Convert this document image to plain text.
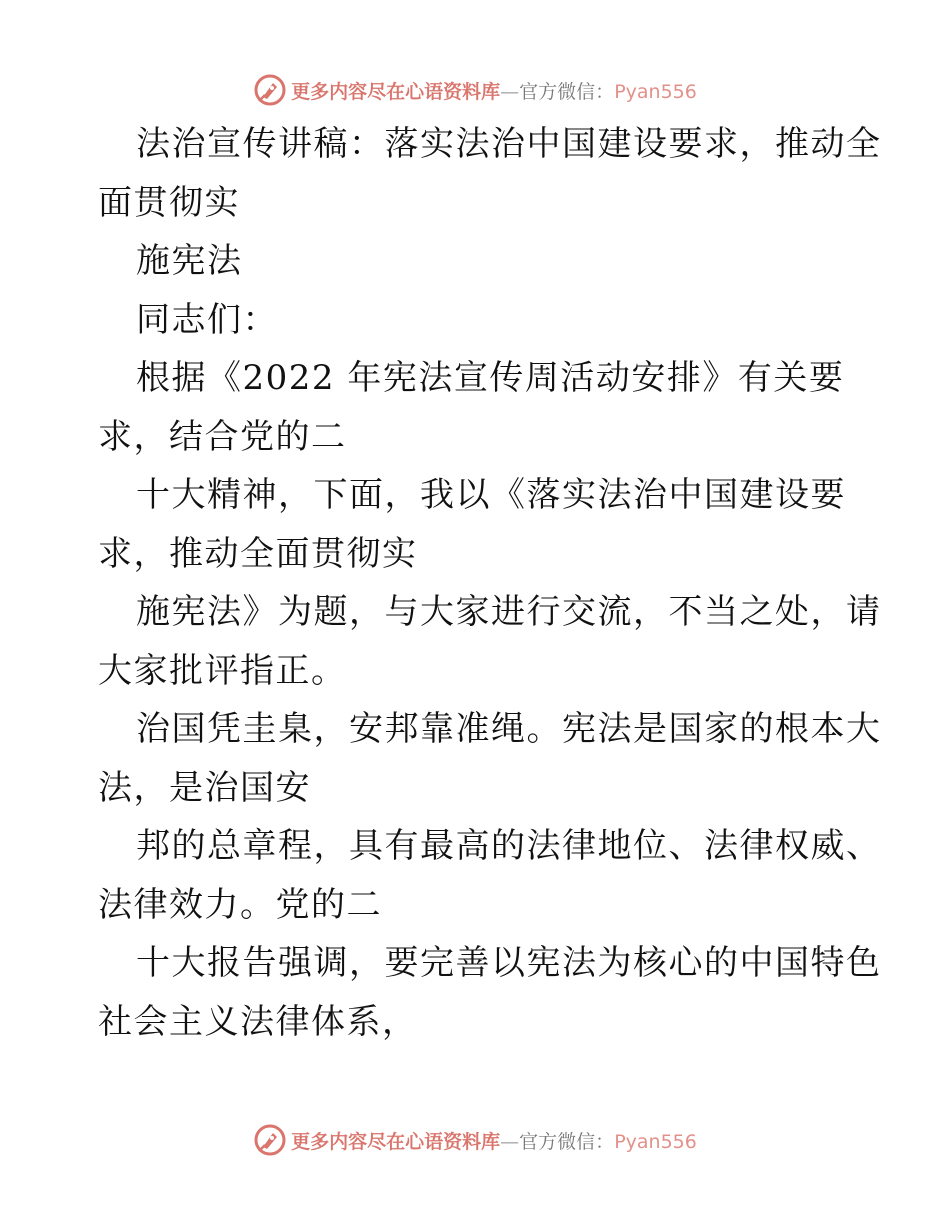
更多内容尽在心语资料库—官方微信：Pyan556
法治宣传讲稿：落实法治中国建设要求，推动全
面贯彻实
施宪法
同志们：
根据《2022 年宪法宣传周活动安排》有关要
求，结合党的二
十大精神，下面，我以《落实法治中国建设要
求，推动全面贯彻实
施宪法》为题，与大家进行交流，不当之处，请
大家批评指正。
治国凭圭臬，安邦靠准绳。宪法是国家的根本大
法，是治国安
邦的总章程，具有最高的法律地位、法律权威、
法律效力。党的二
十大报告强调，要完善以宪法为核心的中国特色
社会主义法律体系，
更多内容尽在心语资料库—官方微信：Pyan556
